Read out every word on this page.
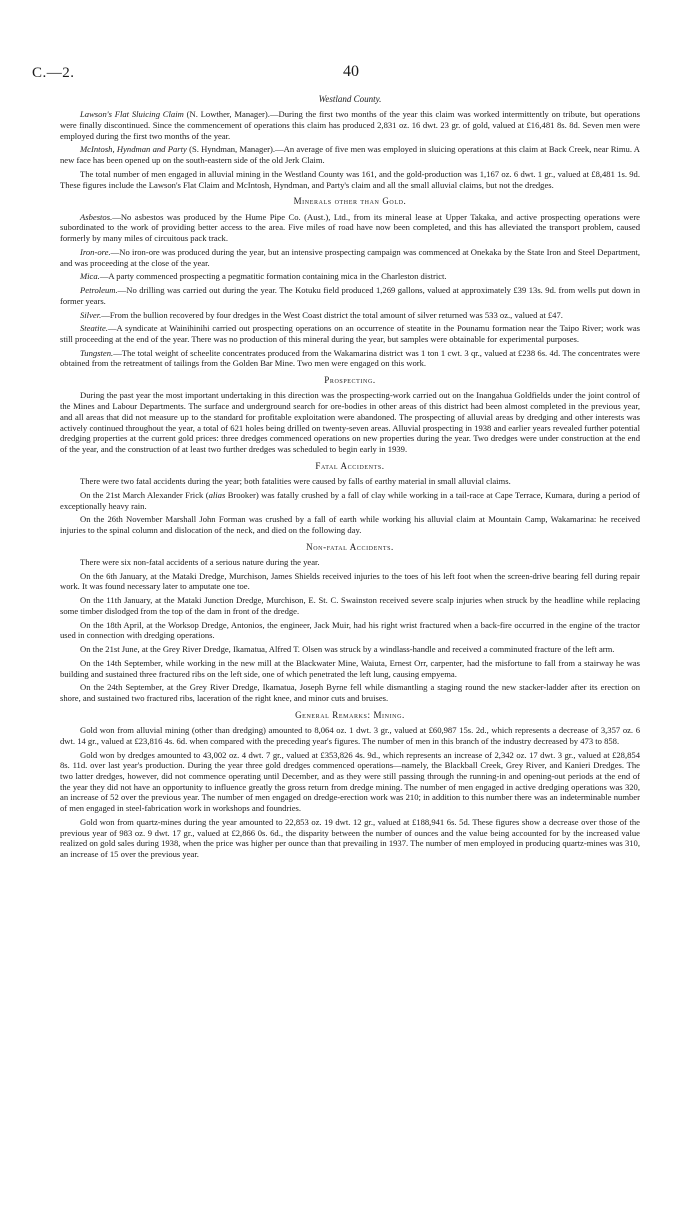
C.—2.	40
Westland County.

Lawson's Flat Sluicing Claim (N. Lowther, Manager).—During the first two months of the year this claim was worked intermittently on tribute, but operations were finally discontinued. Since the commencement of operations this claim has produced 2,831 oz. 16 dwt. 23 gr. of gold, valued at £16,481 8s. 8d. Seven men were employed during the first two months of the year.

McIntosh, Hyndman and Party (S. Hyndman, Manager).—An average of five men was employed in sluicing operations at this claim at Back Creek, near Rimu. A new face has been opened up on the south-eastern side of the old Jerk Claim.

The total number of men engaged in alluvial mining in the Westland County was 161, and the gold-production was 1,167 oz. 6 dwt. 1 gr., valued at £8,481 1s. 9d. These figures include the Lawson's Flat Claim and McIntosh, Hyndman, and Party's claim and all the small alluvial claims, but not the dredges.

Minerals other than Gold.

Asbestos.—No asbestos was produced by the Hume Pipe Co. (Aust.), Ltd., from its mineral lease at Upper Takaka, and active prospecting operations were subordinated to the work of providing better access to the area. Five miles of road have now been completed, and this has alleviated the transport problem, caused formerly by many miles of circuitous pack track.

Iron-ore.—No iron-ore was produced during the year, but an intensive prospecting campaign was commenced at Onekaka by the State Iron and Steel Department, and was proceeding at the close of the year.

Mica.—A party commenced prospecting a pegmatitic formation containing mica in the Charleston district.

Petroleum.—No drilling was carried out during the year. The Kotuku field produced 1,269 gallons, valued at approximately £39 13s. 9d. from wells put down in former years.

Silver.—From the bullion recovered by four dredges in the West Coast district the total amount of silver returned was 533 oz., valued at £47.

Steatite.—A syndicate at Wainihinihi carried out prospecting operations on an occurrence of steatite in the Pounamu formation near the Taipo River; work was still proceeding at the end of the year. There was no production of this mineral during the year, but samples were obtainable for experimental purposes.

Tungsten.—The total weight of scheelite concentrates produced from the Wakamarina district was 1 ton 1 cwt. 3 qr., valued at £238 6s. 4d. The concentrates were obtained from the retreatment of tailings from the Golden Bar Mine. Two men were engaged on this work.

Prospecting.

During the past year the most important undertaking in this direction was the prospecting-work carried out on the Inangahua Goldfields under the joint control of the Mines and Labour Departments. The surface and underground search for ore-bodies in other areas of this district had been almost completed in the previous year, and all areas that did not measure up to the standard for profitable exploitation were abandoned. The prospecting of alluvial areas by dredging and other interests was actively continued throughout the year, a total of 621 holes being drilled on twenty-seven areas. Alluvial prospecting in 1938 and earlier years revealed further potential dredging properties at the current gold prices: three dredges commenced operations on new properties during the year. Two dredges were under construction at the end of the year, and the construction of at least two further dredges was scheduled to begin early in 1939.

Fatal Accidents.

There were two fatal accidents during the year; both fatalities were caused by falls of earthy material in small alluvial claims.

On the 21st March Alexander Frick (alias Brooker) was fatally crushed by a fall of clay while working in a tail-race at Cape Terrace, Kumara, during a period of exceptionally heavy rain.

On the 26th November Marshall John Forman was crushed by a fall of earth while working his alluvial claim at Mountain Camp, Wakamarina: he received injuries to the spinal column and dislocation of the neck, and died on the following day.

Non-fatal Accidents.

There were six non-fatal accidents of a serious nature during the year.

On the 6th January, at the Mataki Dredge, Murchison, James Shields received injuries to the toes of his left foot when the screen-drive bearing fell during repair work. It was found necessary later to amputate one toe.

On the 11th January, at the Mataki Junction Dredge, Murchison, E. St. C. Swainston received severe scalp injuries when struck by the headline while replacing some timber dislodged from the top of the dam in front of the dredge.

On the 18th April, at the Worksop Dredge, Antonios, the engineer, Jack Muir, had his right wrist fractured when a back-fire occurred in the engine of the tractor used in connection with dredging operations.

On the 21st June, at the Grey River Dredge, Ikamatua, Alfred T. Olsen was struck by a windlass-handle and received a comminuted fracture of the left arm.

On the 14th September, while working in the new mill at the Blackwater Mine, Waiuta, Ernest Orr, carpenter, had the misfortune to fall from a stairway he was building and sustained three fractured ribs on the left side, one of which penetrated the left lung, causing empyema.

On the 24th September, at the Grey River Dredge, Ikamatua, Joseph Byrne fell while dismantling a staging round the new stacker-ladder after its erection on shore, and sustained two fractured ribs, laceration of the right knee, and minor cuts and bruises.

General Remarks: Mining.

Gold won from alluvial mining (other than dredging) amounted to 8,064 oz. 1 dwt. 3 gr., valued at £60,987 15s. 2d., which represents a decrease of 3,357 oz. 6 dwt. 14 gr., valued at £23,816 4s. 6d. when compared with the preceding year's figures. The number of men in this branch of the industry decreased by 473 to 858.

Gold won by dredges amounted to 43,002 oz. 4 dwt. 7 gr., valued at £353,826 4s. 9d., which represents an increase of 2,342 oz. 17 dwt. 3 gr., valued at £28,854 8s. 11d. over last year's production. During the year three gold dredges commenced operations—namely, the Blackball Creek, Grey River, and Kanieri Dredges. The two latter dredges, however, did not commence operating until December, and as they were still passing through the running-in and opening-out periods at the end of the year they did not have an opportunity to influence greatly the gross return from dredge mining. The number of men engaged in active dredging operations was 320, an increase of 52 over the previous year. The number of men engaged on dredge-erection work was 210; in addition to this number there was an indeterminable number of men engaged in steel-fabrication work in workshops and foundries.

Gold won from quartz-mines during the year amounted to 22,853 oz. 19 dwt. 12 gr., valued at £188,941 6s. 5d. These figures show a decrease over those of the previous year of 983 oz. 9 dwt. 17 gr., valued at £2,866 0s. 6d., the disparity between the number of ounces and the value being accounted for by the increased value realized on gold sales during 1938, when the price was higher per ounce than that prevailing in 1937. The number of men employed in producing quartz-mines was 310, an increase of 15 over the previous year.
